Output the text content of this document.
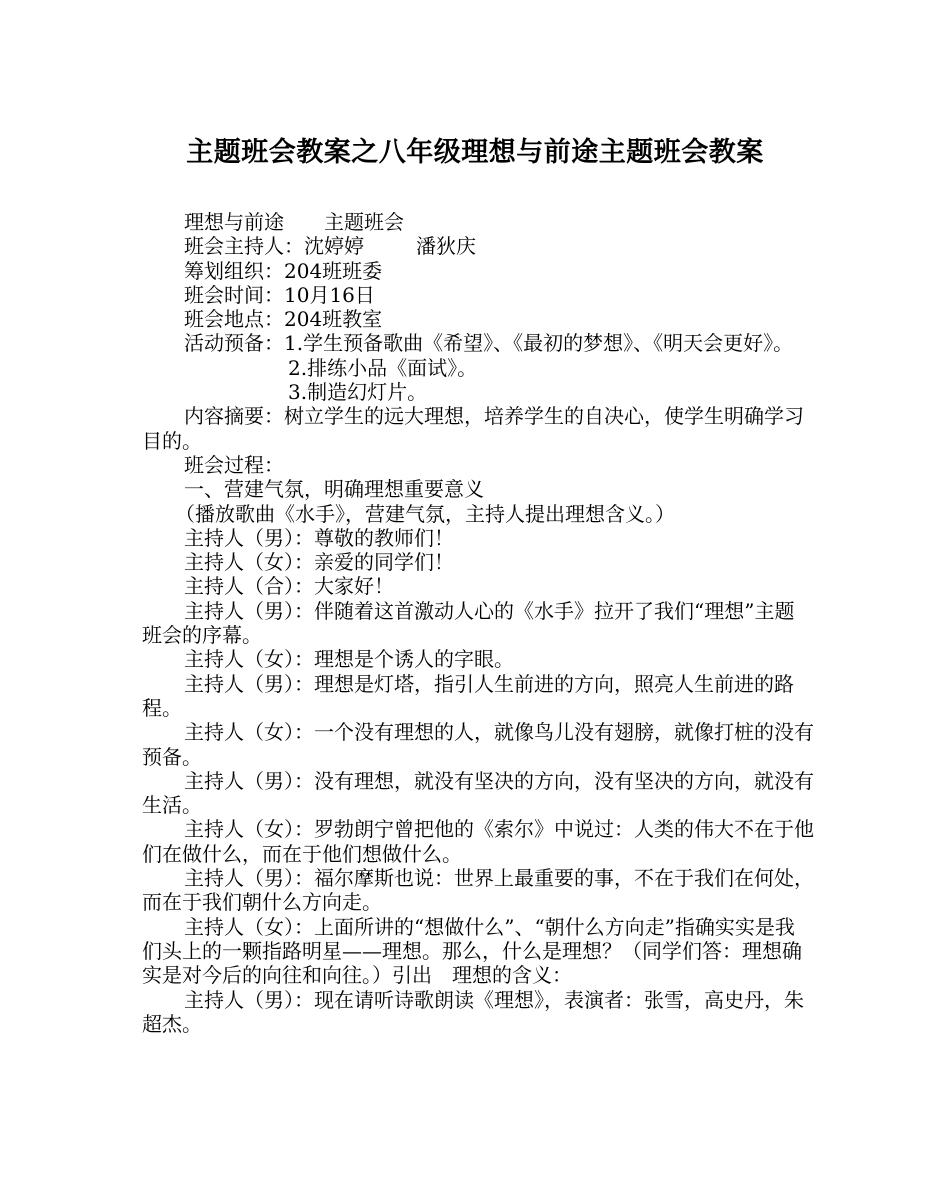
主题班会教案之八年级理想与前途主题班会教案

理想与前途 主题班会

班会主持人：沈婷婷	潘狄庆

筹划组织：204班班委

班会时间：10月16日

班会地点：204班教室

活动预备：1.学生预备歌曲《希望》、《最初的梦想》、《明天会更好》。

2.排练小品《面试》。

3.制造幻灯片。

内容摘要：树立学生的远大理想，培养学生的自决心，使学生明确学习目的。

班会过程：

一、营建气氛，明确理想重要意义

（播放歌曲《水手》，营建气氛，主持人提出理想含义。）

主持人（男）：尊敬的教师们！

主持人（女）：亲爱的同学们！

主持人（合）：大家好！

主持人（男）：伴随着这首激动人心的《水手》拉开了我们“理想”主题班会的序幕。

主持人（女）：理想是个诱人的字眼。

主持人（男）：理想是灯塔，指引人生前进的方向，照亮人生前进的路程。

主持人（女）：一个没有理想的人，就像鸟儿没有翅膀，就像打桩的没有预备。

主持人（男）：没有理想，就没有坚决的方向，没有坚决的方向，就没有生活。

主持人（女）：罗勃朗宁曾把他的《索尔》中说过：人类的伟大不在于他们在做什么，而在于他们想做什么。

主持人（男）：福尔摩斯也说：世界上最重要的事，不在于我们在何处，而在于我们朝什么方向走。

主持人（女）：上面所讲的“想做什么”、“朝什么方向走”指确实实是我们头上的一颗指路明星——理想。那么，什么是理想？（同学们答：理想确实是对今后的向往和向往。）引出　理想的含义：

主持人（男）：现在请听诗歌朗读《理想》，表演者：张雪，高史丹，朱超杰。
